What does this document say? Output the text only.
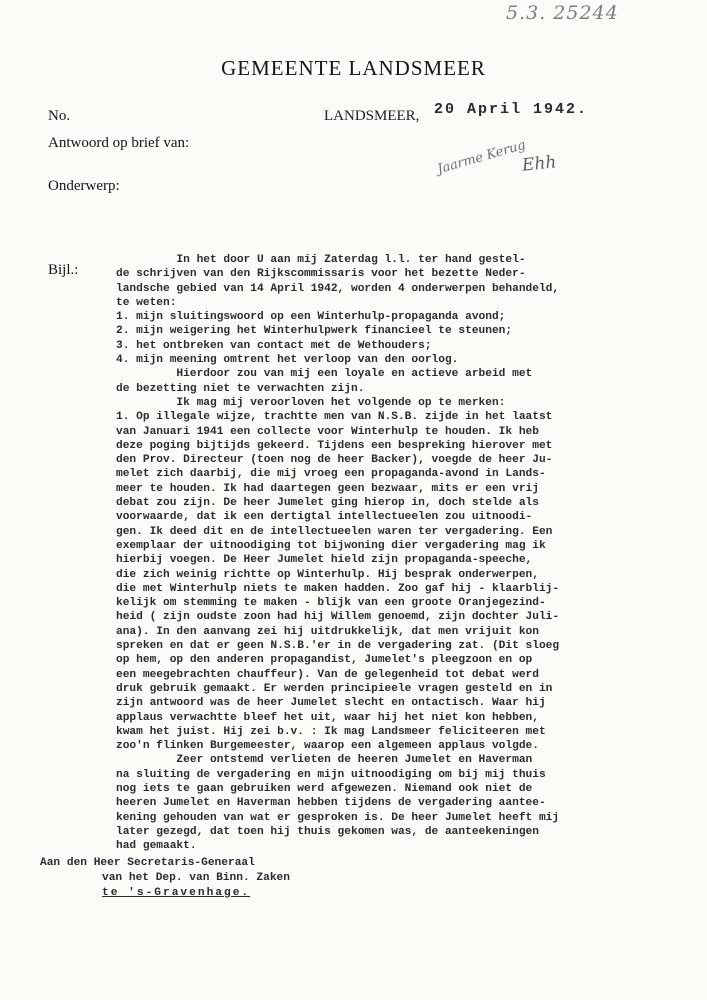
5.3. 25244
GEMEENTE LANDSMEER
No.	LANDSMEER, 20 April 1942.
Antwoord op brief van:	Jaarme Kerug
Ehh
Onderwerp:
Bijl.:
In het door U aan mij Zaterdag l.l. ter hand gestel-
de schrijven van den Rijkscommissaris voor het bezette Neder-
landsche gebied van 14 April 1942, worden 4 onderwerpen behandeld,
te weten:
1. mijn sluitingswoord op een Winterhulp-propaganda avond;
2. mijn weigering het Winterhulpwerk financieel te steunen;
3. het ontbreken van contact met de Wethouders;
4. mijn meening omtrent het verloop van den oorlog.
Hierdoor zou van mij een loyale en actieve arbeid met
de bezetting niet te verwachten zijn.
Ik mag mij veroorloven het volgende op te merken:
1. Op illegale wijze, trachtte men van N.S.B. zijde in het laatst
van Januari 1941 een collecte voor Winterhulp te houden. Ik heb
deze poging bijtijds gekeerd. Tijdens een bespreking hierover met
den Prov. Directeur (toen nog de heer Backer), voegde de heer Ju-
melet zich daarbij, die mij vroeg een propaganda-avond in Lands-
meer te houden. Ik had daartegen geen bezwaar, mits er een vrij
debat zou zijn. De heer Jumelet ging hierop in, doch stelde als
voorwaarde, dat ik een dertigtal intellectueelen zou uitnoodi-
gen. Ik deed dit en de intellectueelen waren ter vergadering. Een
exemplaar der uitnoodiging tot bijwoning dier vergadering mag ik
hierbij voegen. De Heer Jumelet hield zijn propaganda-speeche,
die zich weinig richtte op Winterhulp. Hij besprak onderwerpen,
die met Winterhulp niets te maken hadden. Zoo gaf hij - klaarblij-
kelijk om stemming te maken - blijk van een groote Oranjegezind-
heid ( zijn oudste zoon had hij Willem genoemd, zijn dochter Juli-
ana). In den aanvang zei hij uitdrukkelijk, dat men vrijuit kon
spreken en dat er geen N.S.B.'er in de vergadering zat. (Dit sloeg
op hem, op den anderen propagandist, Jumelet's pleegzoon en op
een meegebrachten chauffeur). Van de gelegenheid tot debat werd
druk gebruik gemaakt. Er werden principieele vragen gesteld en in
zijn antwoord was de heer Jumelet slecht en ontactisch. Waar hij
applaus verwachtte bleef het uit, waar hij het niet kon hebben,
kwam het juist. Hij zei b.v. : Ik mag Landsmeer feliciteeren met
zoo'n flinken Burgemeester, waarop een algemeen applaus volgde.
Zeer ontstemd verlieten de heeren Jumelet en Haverman
na sluiting de vergadering en mijn uitnoodiging om bij mij thuis
nog iets te gaan gebruiken werd afgewezen. Niemand ook niet de
heeren Jumelet en Haverman hebben tijdens de vergadering aantee-
kening gehouden van wat er gesproken is. De heer Jumelet heeft mij
later gezegd, dat toen hij thuis gekomen was, de aanteekeningen
had gemaakt.
Aan den Heer Secretaris-Generaal
van het Dep. van Binn. Zaken
te 's-Gravenhage.
